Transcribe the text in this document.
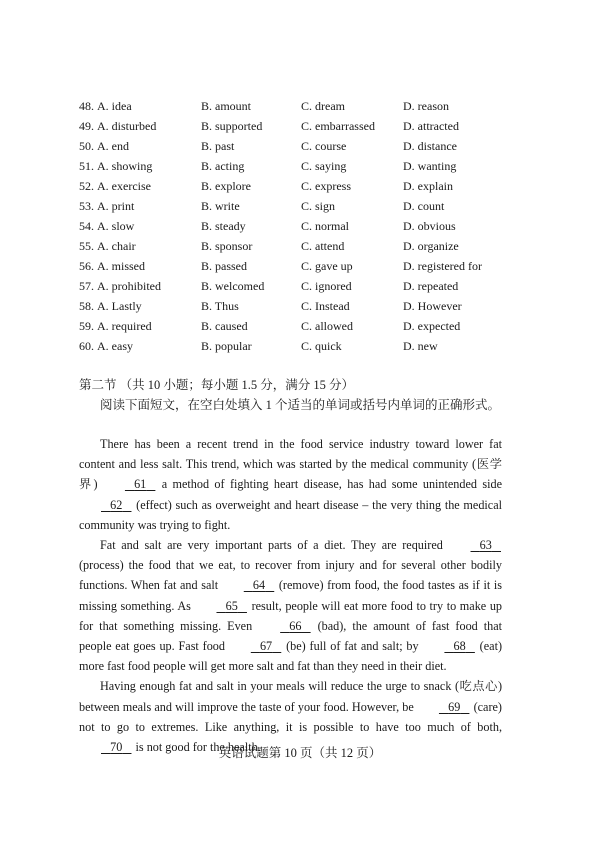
48. A. idea	B. amount	C. dream	D. reason
49. A. disturbed	B. supported	C. embarrassed D. attracted
50. A. end	B. past	C. course	D. distance
51. A. showing	B. acting	C. saying	D. wanting
52. A. exercise	B. explore	C. express	D. explain
53. A. print	B. write	C. sign	D. count
54. A. slow	B. steady	C. normal	D. obvious
55. A. chair	B. sponsor	C. attend	D. organize
56. A. missed	B. passed	C. gave up	D. registered for
57. A. prohibited	B. welcomed	C. ignored	D. repeated
58. A. Lastly	B. Thus	C. Instead	D. However
59. A. required	B. caused	C. allowed	D. expected
60. A. easy	B. popular	C. quick	D. new
第二节 （共 10 小题；每小题 1.5 分，满分 15 分）
阅读下面短文，在空白处填入 1 个适当的单词或括号内单词的正确形式。

There has been a recent trend in the food service industry toward lower fat content and less salt. This trend, which was started by the medical community (医学界)	61    a method of fighting heart disease, has had some unintended side    62    (effect) such as overweight and heart disease – the very thing the medical community was trying to fight.

Fat and salt are very important parts of a diet. They are required	63    (process) the food that we eat, to recover from injury and for several other bodily functions. When fat and salt	64    (remove) from food, the food tastes as if it is missing something. As	65    result, people will eat more food to try to make up for that something missing. Even	66    (bad), the amount of fast food that people eat goes up. Fast food	67    (be) full of fat and salt; by	68    (eat) more fast food people will get more salt and fat than they need in their diet.

Having enough fat and salt in your meals will reduce the urge to snack (吃点心) between meals and will improve the taste of your food. However, be	69    (care) not to go to extremes. Like anything, it is possible to have too much of both,    70    is not good for the health.

英语试题第 10 页（共 12 页）
